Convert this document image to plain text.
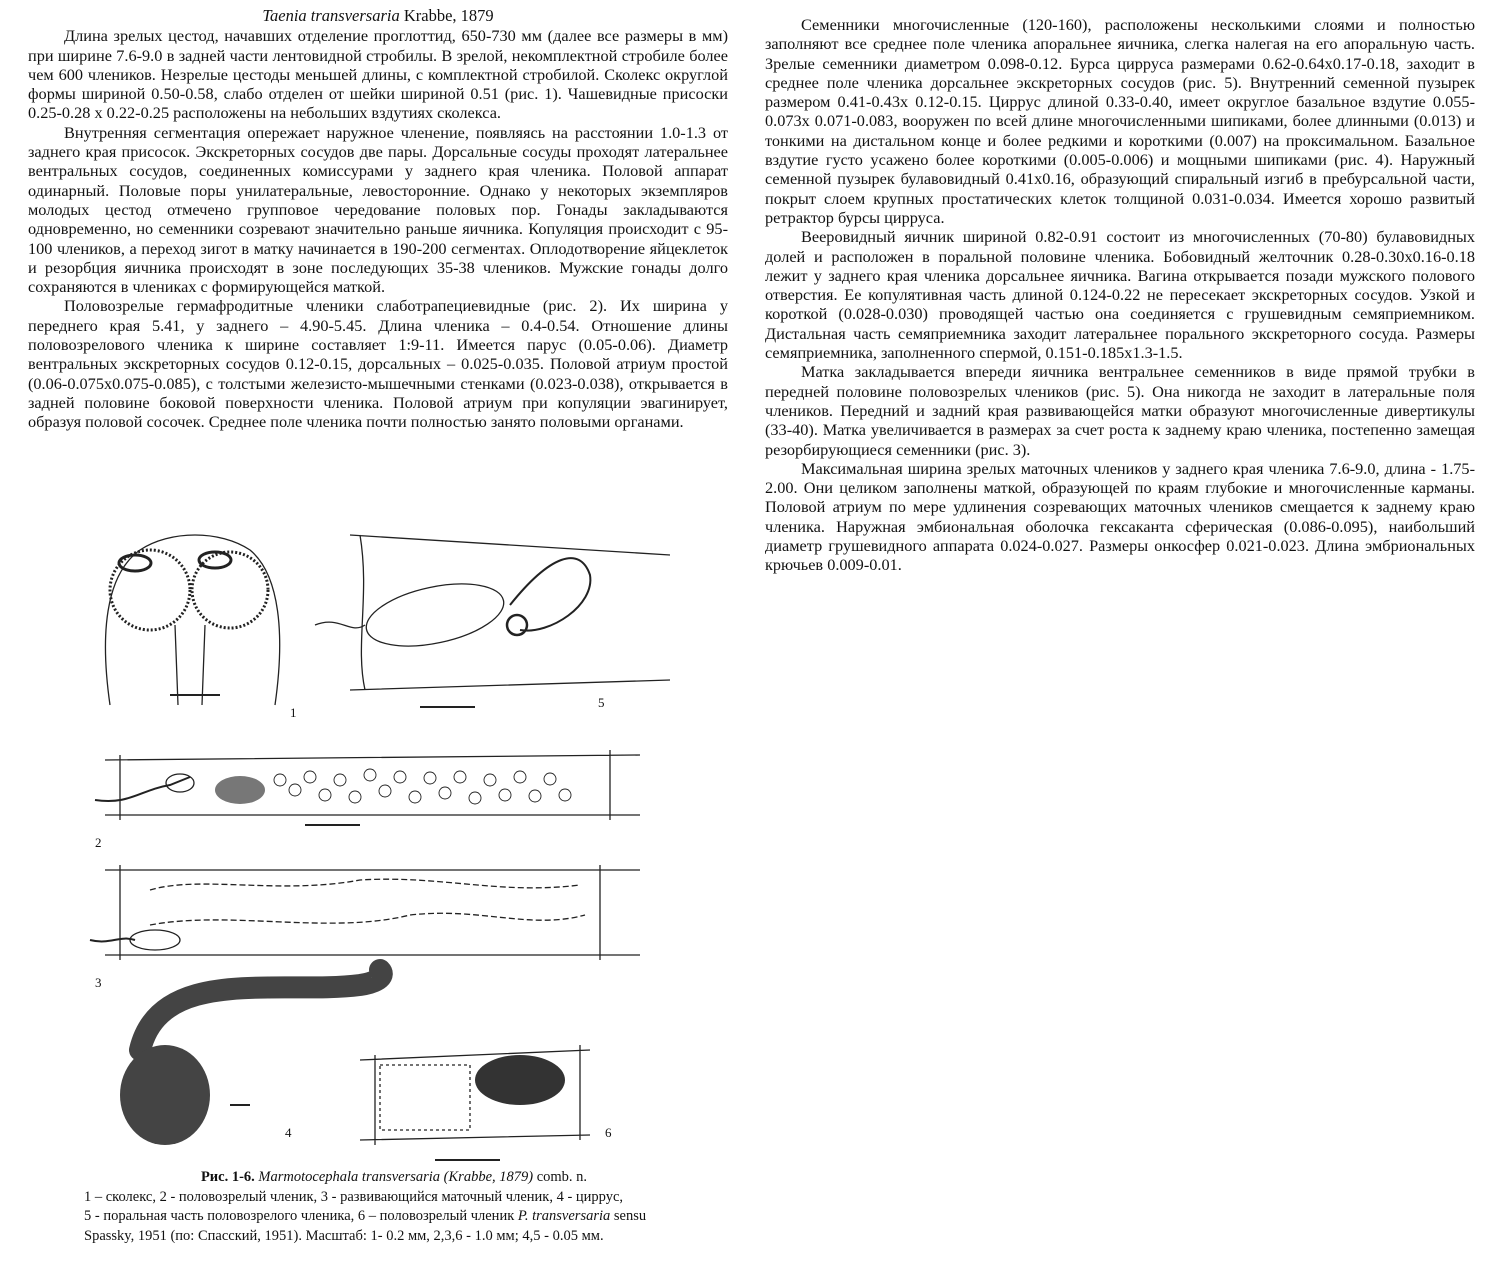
Taenia transversaria Krabbe, 1879

Длина зрелых цестод, начавших отделение проглоттид, 650-730 мм (далее все размеры в мм) при ширине 7.6-9.0 в задней части лентовидной стробилы. В зрелой, некомплектной стробиле более чем 600 члеников. Незрелые цестоды меньшей длины, с комплектной стробилой. Сколекс округлой формы шириной 0.50-0.58, слабо отделен от шейки шириной 0.51 (рис. 1). Чашевидные присоски 0.25-0.28 х 0.22-0.25 расположены на небольших вздутиях сколекса.

Внутренняя сегментация опережает наружное членение, появляясь на расстоянии 1.0-1.3 от заднего края присосок. Экскреторных сосудов две пары. Дорсальные сосуды проходят латеральнее вентральных сосудов, соединенных комиссурами у заднего края членика. Половой аппарат одинарный. Половые поры унилатеральные, левосторонние. Однако у некоторых экземпляров молодых цестод отмечено групповое чередование половых пор. Гонады закладываются одновременно, но семенники созревают значительно раньше яичника. Копуляция происходит с 95-100 члеников, а переход зигот в матку начинается в 190-200 сегментах. Оплодотворение яйцеклеток и резорбция яичника происходят в зоне последующих 35-38 члеников. Мужские гонады долго сохраняются в члениках с формирующейся маткой.

Половозрелые гермафродитные членики слаботрапециевидные (рис. 2). Их ширина у переднего края 5.41, у заднего – 4.90-5.45. Длина членика – 0.4-0.54. Отношение длины половозрелового членика к ширине составляет 1:9-11. Имеется парус (0.05-0.06). Диаметр вентральных экскреторных сосудов 0.12-0.15, дорсальных – 0.025-0.035. Половой атриум простой (0.06-0.075x0.075-0.085), с толстыми железисто-мышечными стенками (0.023-0.038), открывается в задней половине боковой поверхности членика. Половой атриум при копуляции эвагинирует, образуя половой сосочек. Среднее поле членика почти полностью занято половыми органами.

Семенники многочисленные (120-160), расположены несколькими слоями и полностью заполняют все среднее поле членика апоральнее яичника, слегка налегая на его апоральную часть. Зрелые семенники диаметром 0.098-0.12. Бурса цирруса размерами 0.62-0.64x0.17-0.18, заходит в среднее поле членика дорсальнее экскреторных сосудов (рис. 5). Внутренний семенной пузырек размером 0.41-0.43x 0.12-0.15. Циррус длиной 0.33-0.40, имеет округлое базальное вздутие 0.055-0.073x 0.071-0.083, вооружен по всей длине многочисленными шипиками, более длинными (0.013) и тонкими на дистальном конце и более редкими и короткими (0.007) на проксимальном. Базальное вздутие густо усажено более короткими (0.005-0.006) и мощными шипиками (рис. 4). Наружный семенной пузырек булавовидный 0.41x0.16, образующий спиральный изгиб в пребурсальной части, покрыт слоем крупных простатических клеток толщиной 0.031-0.034. Имеется хорошо развитый ретрактор бурсы цирруса.

Вееровидный яичник шириной 0.82-0.91 состоит из многочисленных (70-80) булавовидных долей и расположен в поральной половине членика. Бобовидный желточник 0.28-0.30x0.16-0.18 лежит у заднего края членика дорсальнее яичника. Вагина открывается позади мужского полового отверстия. Ее копулятивная часть длиной 0.124-0.22 не пересекает экскреторных сосудов. Узкой и короткой (0.028-0.030) проводящей частью она соединяется с грушевидным семяприемником. Дистальная часть семяприемника заходит латеральнее порального экскреторного сосуда. Размеры семяприемника, заполненного спермой, 0.151-0.185x1.3-1.5.

Матка закладывается впереди яичника вентральнее семенников в виде прямой трубки в передней половине половозрелых члеников (рис. 5). Она никогда не заходит в латеральные поля члеников. Передний и задний края развивающейся матки образуют многочисленные дивертикулы (33-40). Матка увеличивается в размерах за счет роста к заднему краю членика, постепенно замещая резорбирующиеся семенники (рис. 3).

Максимальная ширина зрелых маточных члеников у заднего края членика 7.6-9.0, длина - 1.75-2.00. Они целиком заполнены маткой, образующей по краям глубокие и многочисленные карманы. Половой атриум по мере удлинения созревающих маточных члеников смещается к заднему краю членика. Наружная эмбиональная оболочка гексаканта сферическая (0.086-0.095), наибольший диаметр грушевидного аппарата 0.024-0.027. Размеры онкосфер 0.021-0.023. Длина эмбриональных крючьев 0.009-0.01.

1
2
3
4
5
6
Рис. 1-6. Marmotocephala transversaria (Krabbe, 1879) comb. n.
1 – сколекс, 2 - половозрелый членик, 3 - развивающийся маточный членик, 4 - циррус,
5 - поральная часть половозрелого членика, 6 – половозрелый членик P. transversaria sensu
Spassky, 1951 (по: Спасский, 1951). Масштаб: 1- 0.2 мм, 2,3,6 - 1.0 мм; 4,5 - 0.05 мм.
